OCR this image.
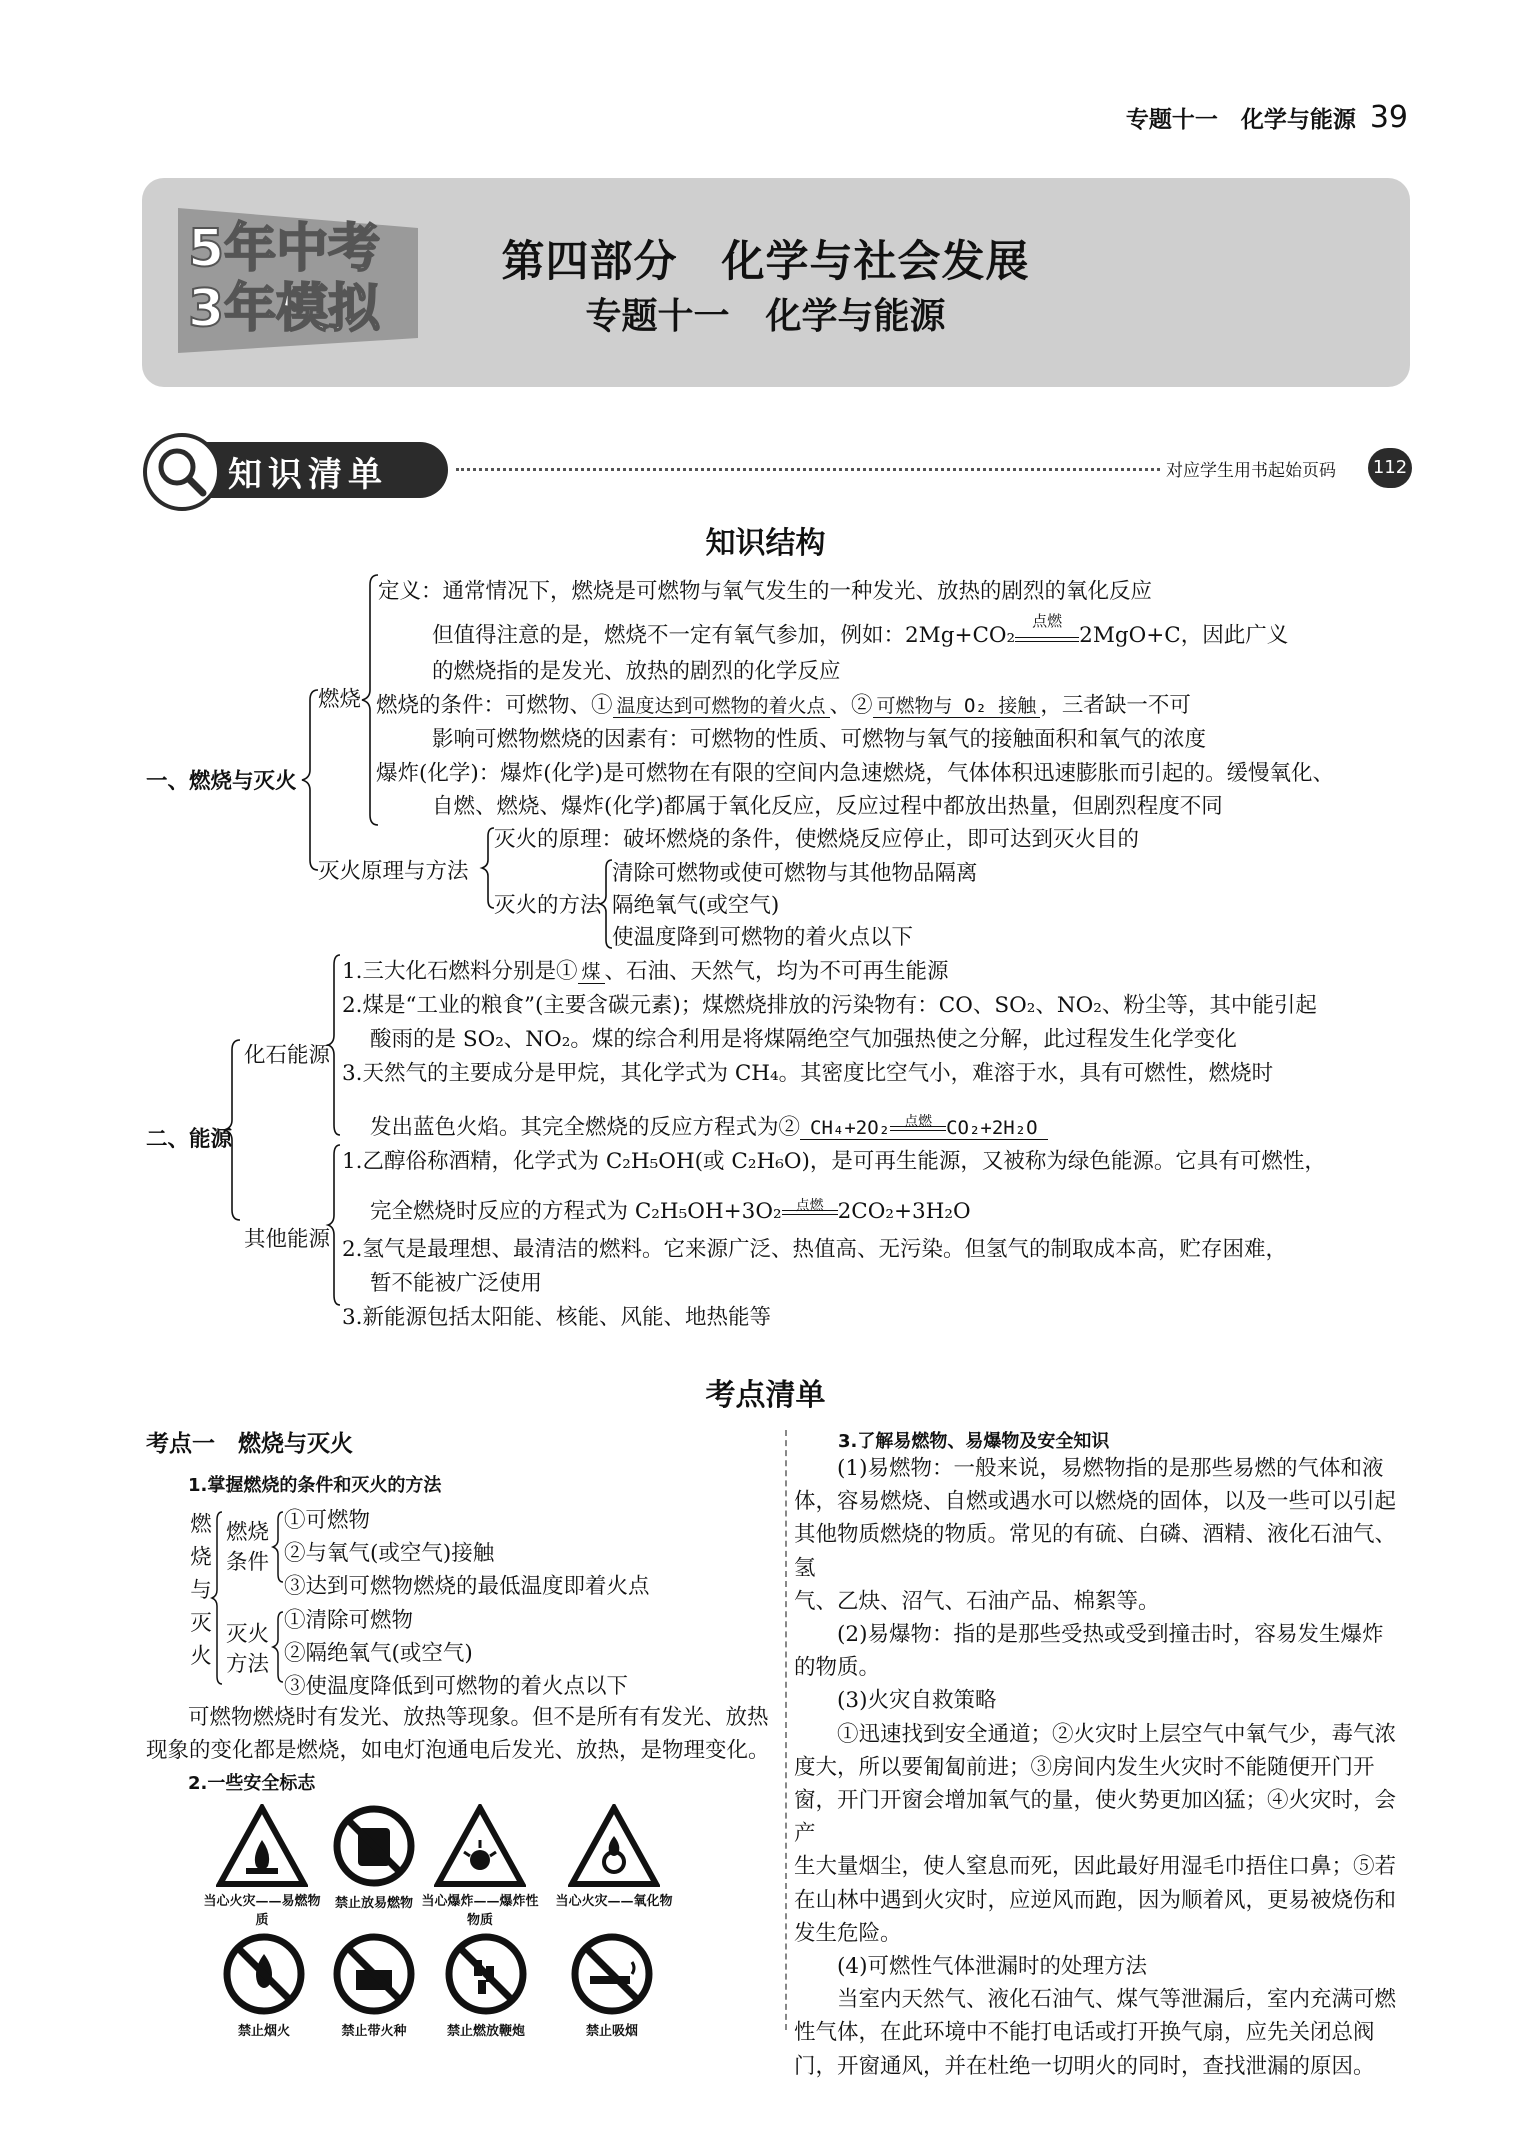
专题十一　化学与能源 39
5年中考
3年模拟
第四部分　化学与社会发展
专题十一　化学与能源
知识清单	对应学生用书起始页码 112
知识结构
一、燃烧与灭火
燃烧
定义：通常情况下，燃烧是可燃物与氧气发生的一种发光、放热的剧烈的氧化反应
但值得注意的是，燃烧不一定有氧气参加，例如：2Mg+CO₂
点燃
2MgO+C，因此广义
的燃烧指的是发光、放热的剧烈的化学反应
燃烧的条件：可燃物、① 温度达到可燃物的着火点 、② 可燃物与 O₂ 接触 ，三者缺一不可
影响可燃物燃烧的因素有：可燃物的性质、可燃物与氧气的接触面积和氧气的浓度
爆炸(化学)：爆炸(化学)是可燃物在有限的空间内急速燃烧，气体体积迅速膨胀而引起的。缓慢氧化、
自燃、燃烧、爆炸(化学)都属于氧化反应，反应过程中都放出热量，但剧烈程度不同
灭火原理与方法
灭火的原理：破坏燃烧的条件，使燃烧反应停止，即可达到灭火目的
灭火的方法
清除可燃物或使可燃物与其他物品隔离
隔绝氧气(或空气)
使温度降到可燃物的着火点以下
二、能源
化石能源
1.三大化石燃料分别是① 煤 、石油、天然气，均为不可再生能源
2.煤是“工业的粮食”(主要含碳元素)；煤燃烧排放的污染物有：CO、SO₂、NO₂、粉尘等，其中能引起
酸雨的是 SO₂、NO₂。煤的综合利用是将煤隔绝空气加强热使之分解，此过程发生化学变化
3.天然气的主要成分是甲烷，其化学式为 CH₄。其密度比空气小，难溶于水，具有可燃性，燃烧时
发出蓝色火焰。其完全燃烧的反应方程式为② CH₄+2O₂	点燃 CO₂+2H₂O
其他能源
1.乙醇俗称酒精，化学式为 C₂H₅OH(或 C₂H₆O)，是可再生能源，又被称为绿色能源。它具有可燃性，
完全燃烧时反应的方程式为 C₂H₅OH+3O₂	点燃 2CO₂+3H₂O
2.氢气是最理想、最清洁的燃料。它来源广泛、热值高、无污染。但氢气的制取成本高，贮存困难，
暂不能被广泛使用
3.新能源包括太阳能、核能、风能、地热能等
考点清单
考点一　燃烧与灭火
1.掌握燃烧的条件和灭火的方法
燃
烧
与
灭
火
燃烧
条件
①可燃物
②与氧气(或空气)接触
③达到可燃物燃烧的最低温度即着火点
灭火
方法
①清除可燃物
②隔绝氧气(或空气)
③使温度降低到可燃物的着火点以下
可燃物燃烧时有发光、放热等现象。但不是所有有发光、放热
现象的变化都是燃烧，如电灯泡通电后发光、放热，是物理变化。
2.一些安全标志
当心火灾——易燃物质
禁止放易燃物 当心爆炸——爆炸性物质
当心火灾——氧化物
禁止烟火	禁止带火种	禁止燃放鞭炮	禁止吸烟
3.了解易燃物、易爆物及安全知识
(1)易燃物：一般来说，易燃物指的是那些易燃的气体和液
体，容易燃烧、自燃或遇水可以燃烧的固体，以及一些可以引起
其他物质燃烧的物质。常见的有硫、白磷、酒精、液化石油气、氢
气、乙炔、沼气、石油产品、棉絮等。
(2)易爆物：指的是那些受热或受到撞击时，容易发生爆炸
的物质。
(3)火灾自救策略
①迅速找到安全通道；②火灾时上层空气中氧气少，毒气浓
度大，所以要匍匐前进；③房间内发生火灾时不能随便开门开
窗，开门开窗会增加氧气的量，使火势更加凶猛；④火灾时，会产
生大量烟尘，使人窒息而死，因此最好用湿毛巾捂住口鼻；⑤若
在山林中遇到火灾时，应逆风而跑，因为顺着风，更易被烧伤和
发生危险。
(4)可燃性气体泄漏时的处理方法
当室内天然气、液化石油气、煤气等泄漏后，室内充满可燃
性气体，在此环境中不能打电话或打开换气扇，应先关闭总阀
门，开窗通风，并在杜绝一切明火的同时，查找泄漏的原因。
